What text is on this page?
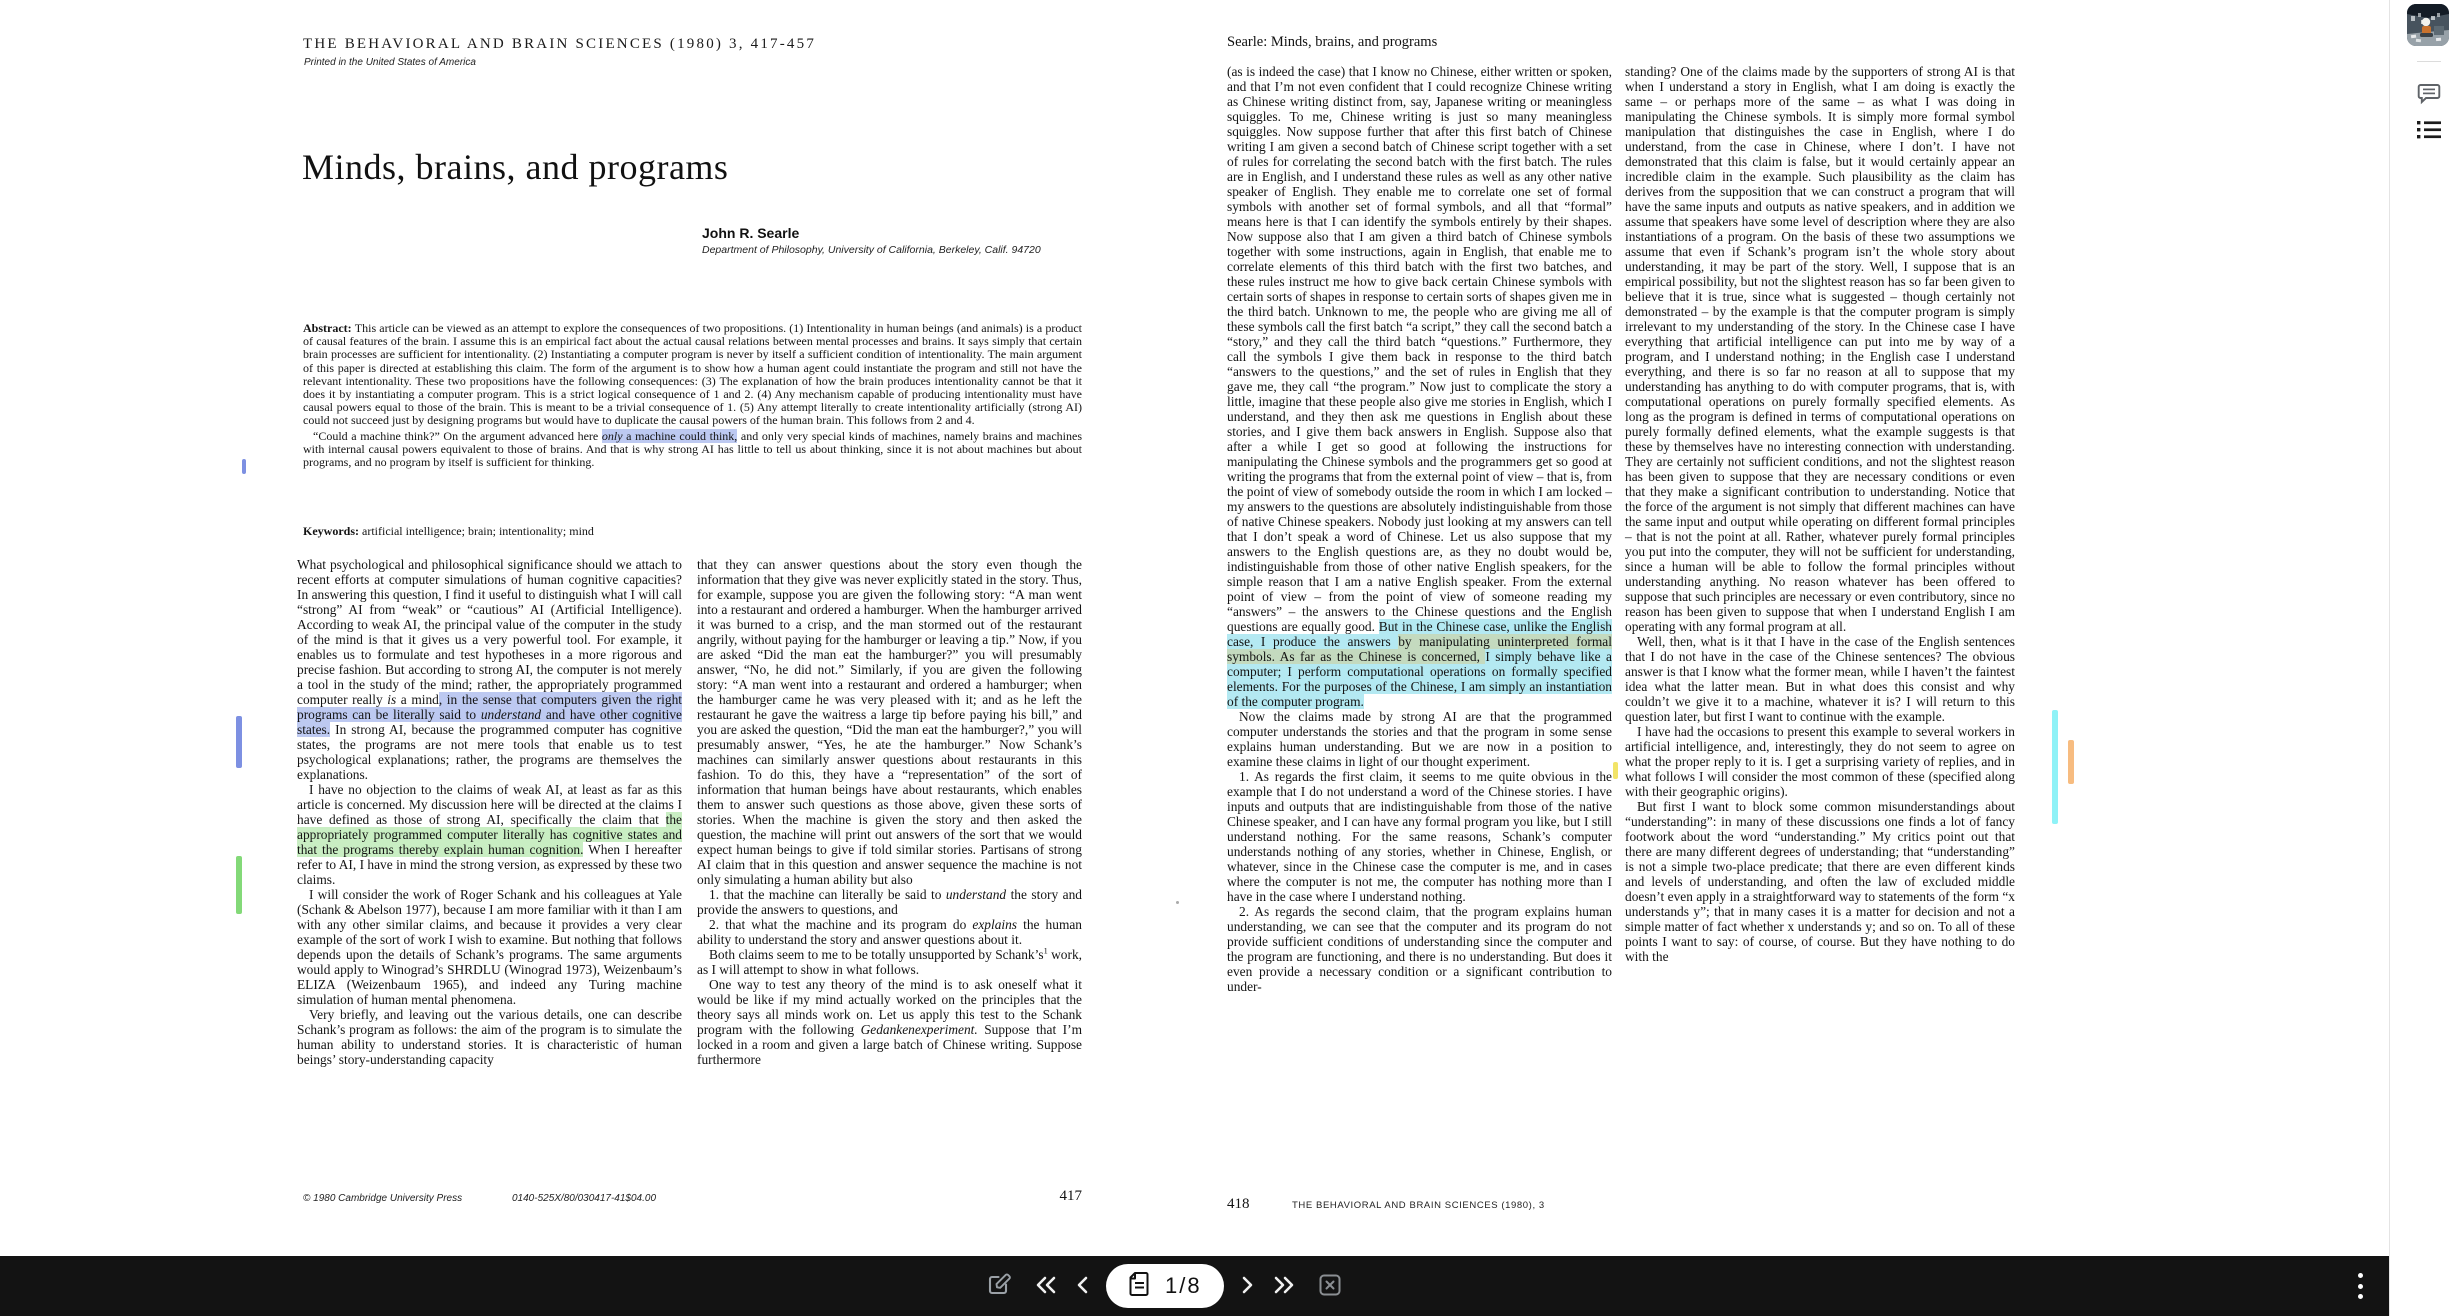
THE BEHAVIORAL AND BRAIN SCIENCES (1980) 3, 417-457
Printed in the United States of America
Minds, brains, and programs
John R. Searle
Department of Philosophy, University of California, Berkeley, Calif. 94720

Abstract: This article can be viewed as an attempt to explore the consequences of two propositions. (1) Intentionality in human beings (and animals) is a product of causal features of the brain. I assume this is an empirical fact about the actual causal relations between mental processes and brains. It says simply that certain brain processes are sufficient for intentionality. (2) Instantiating a computer program is never by itself a sufficient condition of intentionality. The main argument of this paper is directed at establishing this claim. The form of the argument is to show how a human agent could instantiate the program and still not have the relevant intentionality. These two propositions have the following consequences: (3) The explanation of how the brain produces intentionality cannot be that it does it by instantiating a computer program. This is a strict logical consequence of 1 and 2. (4) Any mechanism capable of producing intentionality must have causal powers equal to those of the brain. This is meant to be a trivial consequence of 1. (5) Any attempt literally to create intentionality artificially (strong AI) could not succeed just by designing programs but would have to duplicate the causal powers of the human brain. This follows from 2 and 4.

“Could a machine think?” On the argument advanced here only a machine could think, and only very special kinds of machines, namely brains and machines with internal causal powers equivalent to those of brains. And that is why strong AI has little to tell us about thinking, since it is not about machines but about programs, and no program by itself is sufficient for thinking.

Keywords: artificial intelligence; brain; intentionality; mind

What psychological and philosophical significance should we attach to recent efforts at computer simulations of human cognitive capacities? In answering this question, I find it useful to distinguish what I will call “strong” AI from “weak” or “cautious” AI (Artificial Intelligence). According to weak AI, the principal value of the computer in the study of the mind is that it gives us a very powerful tool. For example, it enables us to formulate and test hypotheses in a more rigorous and precise fashion. But according to strong AI, the computer is not merely a tool in the study of the mind; rather, the appropriately programmed computer really is a mind, in the sense that computers given the right programs can be literally said to understand and have other cognitive states. In strong AI, because the programmed computer has cognitive states, the programs are not mere tools that enable us to test psychological explanations; rather, the programs are themselves the explanations.

I have no objection to the claims of weak AI, at least as far as this article is concerned. My discussion here will be directed at the claims I have defined as those of strong AI, specifically the claim that the appropriately programmed computer literally has cognitive states and that the programs thereby explain human cognition. When I hereafter refer to AI, I have in mind the strong version, as expressed by these two claims.

I will consider the work of Roger Schank and his colleagues at Yale (Schank & Abelson 1977), because I am more familiar with it than I am with any other similar claims, and because it provides a very clear example of the sort of work I wish to examine. But nothing that follows depends upon the details of Schank’s programs. The same arguments would apply to Winograd’s SHRDLU (Winograd 1973), Weizenbaum’s ELIZA (Weizenbaum 1965), and indeed any Turing machine simulation of human mental phenomena.

Very briefly, and leaving out the various details, one can describe Schank’s program as follows: the aim of the program is to simulate the human ability to understand stories. It is characteristic of human beings’ story-understanding capacity

that they can answer questions about the story even though the information that they give was never explicitly stated in the story. Thus, for example, suppose you are given the following story: “A man went into a restaurant and ordered a hamburger. When the hamburger arrived it was burned to a crisp, and the man stormed out of the restaurant angrily, without paying for the hamburger or leaving a tip.” Now, if you are asked “Did the man eat the hamburger?” you will presumably answer, “No, he did not.” Similarly, if you are given the following story: “A man went into a restaurant and ordered a hamburger; when the hamburger came he was very pleased with it; and as he left the restaurant he gave the waitress a large tip before paying his bill,” and you are asked the question, “Did the man eat the hamburger?,” you will presumably answer, “Yes, he ate the hamburger.” Now Schank’s machines can similarly answer questions about restaurants in this fashion. To do this, they have a “representation” of the sort of information that human beings have about restaurants, which enables them to answer such questions as those above, given these sorts of stories. When the machine is given the story and then asked the question, the machine will print out answers of the sort that we would expect human beings to give if told similar stories. Partisans of strong AI claim that in this question and answer sequence the machine is not only simulating a human ability but also

1. that the machine can literally be said to understand the story and provide the answers to questions, and

2. that what the machine and its program do explains the human ability to understand the story and answer questions about it.

Both claims seem to me to be totally unsupported by $Schank’s^1$ work, as I will attempt to show in what follows.

One way to test any theory of the mind is to ask oneself what it would be like if my mind actually worked on the principles that the theory says all minds work on. Let us apply this test to the Schank program with the following Gedankenexperiment. Suppose that I’m locked in a room and given a large batch of Chinese writing. Suppose furthermore

© 1980 Cambridge University Press	0140-525X/80/030417-41$04.00	417
Searle: Minds, brains, and programs

(as is indeed the case) that I know no Chinese, either written or spoken, and that I’m not even confident that I could recognize Chinese writing as Chinese writing distinct from, say, Japanese writing or meaningless squiggles. To me, Chinese writing is just so many meaningless squiggles. Now suppose further that after this first batch of Chinese writing I am given a second batch of Chinese script together with a set of rules for correlating the second batch with the first batch. The rules are in English, and I understand these rules as well as any other native speaker of English. They enable me to correlate one set of formal symbols with another set of formal symbols, and all that “formal” means here is that I can identify the symbols entirely by their shapes. Now suppose also that I am given a third batch of Chinese symbols together with some instructions, again in English, that enable me to correlate elements of this third batch with the first two batches, and these rules instruct me how to give back certain Chinese symbols with certain sorts of shapes in response to certain sorts of shapes given me in the third batch. Unknown to me, the people who are giving me all of these symbols call the first batch “a script,” they call the second batch a “story,” and they call the third batch “questions.” Furthermore, they call the symbols I give them back in response to the third batch “answers to the questions,” and the set of rules in English that they gave me, they call “the program.” Now just to complicate the story a little, imagine that these people also give me stories in English, which I understand, and they then ask me questions in English about these stories, and I give them back answers in English. Suppose also that after a while I get so good at following the instructions for manipulating the Chinese symbols and the programmers get so good at writing the programs that from the external point of view – that is, from the point of view of somebody outside the room in which I am locked – my answers to the questions are absolutely indistinguishable from those of native Chinese speakers. Nobody just looking at my answers can tell that I don’t speak a word of Chinese. Let us also suppose that my answers to the English questions are, as they no doubt would be, indistinguishable from those of other native English speakers, for the simple reason that I am a native English speaker. From the external point of view – from the point of view of someone reading my “answers” – the answers to the Chinese questions and the English questions are equally good. But in the Chinese case, unlike the English case, I produce the answers by manipulating uninterpreted formal symbols. As far as the Chinese is concerned, I simply behave like a computer; I perform computational operations on formally specified elements. For the purposes of the Chinese, I am simply an instantiation of the computer program.

Now the claims made by strong AI are that the programmed computer understands the stories and that the program in some sense explains human understanding. But we are now in a position to examine these claims in light of our thought experiment.

1. As regards the first claim, it seems to me quite obvious in the example that I do not understand a word of the Chinese stories. I have inputs and outputs that are indistinguishable from those of the native Chinese speaker, and I can have any formal program you like, but I still understand nothing. For the same reasons, Schank’s computer understands nothing of any stories, whether in Chinese, English, or whatever, since in the Chinese case the computer is me, and in cases where the computer is not me, the computer has nothing more than I have in the case where I understand nothing.

2. As regards the second claim, that the program explains human understanding, we can see that the computer and its program do not provide sufficient conditions of understanding since the computer and the program are functioning, and there is no understanding. But does it even provide a necessary condition or a significant contribution to under-

standing? One of the claims made by the supporters of strong AI is that when I understand a story in English, what I am doing is exactly the same – or perhaps more of the same – as what I was doing in manipulating the Chinese symbols. It is simply more formal symbol manipulation that distinguishes the case in English, where I do understand, from the case in Chinese, where I don’t. I have not demonstrated that this claim is false, but it would certainly appear an incredible claim in the example. Such plausibility as the claim has derives from the supposition that we can construct a program that will have the same inputs and outputs as native speakers, and in addition we assume that speakers have some level of description where they are also instantiations of a program. On the basis of these two assumptions we assume that even if Schank’s program isn’t the whole story about understanding, it may be part of the story. Well, I suppose that is an empirical possibility, but not the slightest reason has so far been given to believe that it is true, since what is suggested – though certainly not demonstrated – by the example is that the computer program is simply irrelevant to my understanding of the story. In the Chinese case I have everything that artificial intelligence can put into me by way of a program, and I understand nothing; in the English case I understand everything, and there is so far no reason at all to suppose that my understanding has anything to do with computer programs, that is, with computational operations on purely formally specified elements. As long as the program is defined in terms of computational operations on purely formally defined elements, what the example suggests is that these by themselves have no interesting connection with understanding. They are certainly not sufficient conditions, and not the slightest reason has been given to suppose that they are necessary conditions or even that they make a significant contribution to understanding. Notice that the force of the argument is not simply that different machines can have the same input and output while operating on different formal principles – that is not the point at all. Rather, whatever purely formal principles you put into the computer, they will not be sufficient for understanding, since a human will be able to follow the formal principles without understanding anything. No reason whatever has been offered to suppose that such principles are necessary or even contributory, since no reason has been given to suppose that when I understand English I am operating with any formal program at all.

Well, then, what is it that I have in the case of the English sentences that I do not have in the case of the Chinese sentences? The obvious answer is that I know what the former mean, while I haven’t the faintest idea what the latter mean. But in what does this consist and why couldn’t we give it to a machine, whatever it is? I will return to this question later, but first I want to continue with the example.

I have had the occasions to present this example to several workers in artificial intelligence, and, interestingly, they do not seem to agree on what the proper reply to it is. I get a surprising variety of replies, and in what follows I will consider the most common of these (specified along with their geographic origins).

But first I want to block some common misunderstandings about “understanding”: in many of these discussions one finds a lot of fancy footwork about the word “understanding.” My critics point out that there are many different degrees of understanding; that “understanding” is not a simple two-place predicate; that there are even different kinds and levels of understanding, and often the law of excluded middle doesn’t even apply in a straightforward way to statements of the form “x understands y”; that in many cases it is a matter for decision and not a simple matter of fact whether x understands y; and so on. To all of these points I want to say: of course, of course. But they have nothing to do with the

418	THE BEHAVIORAL AND BRAIN SCIENCES (1980), 3
1/8
